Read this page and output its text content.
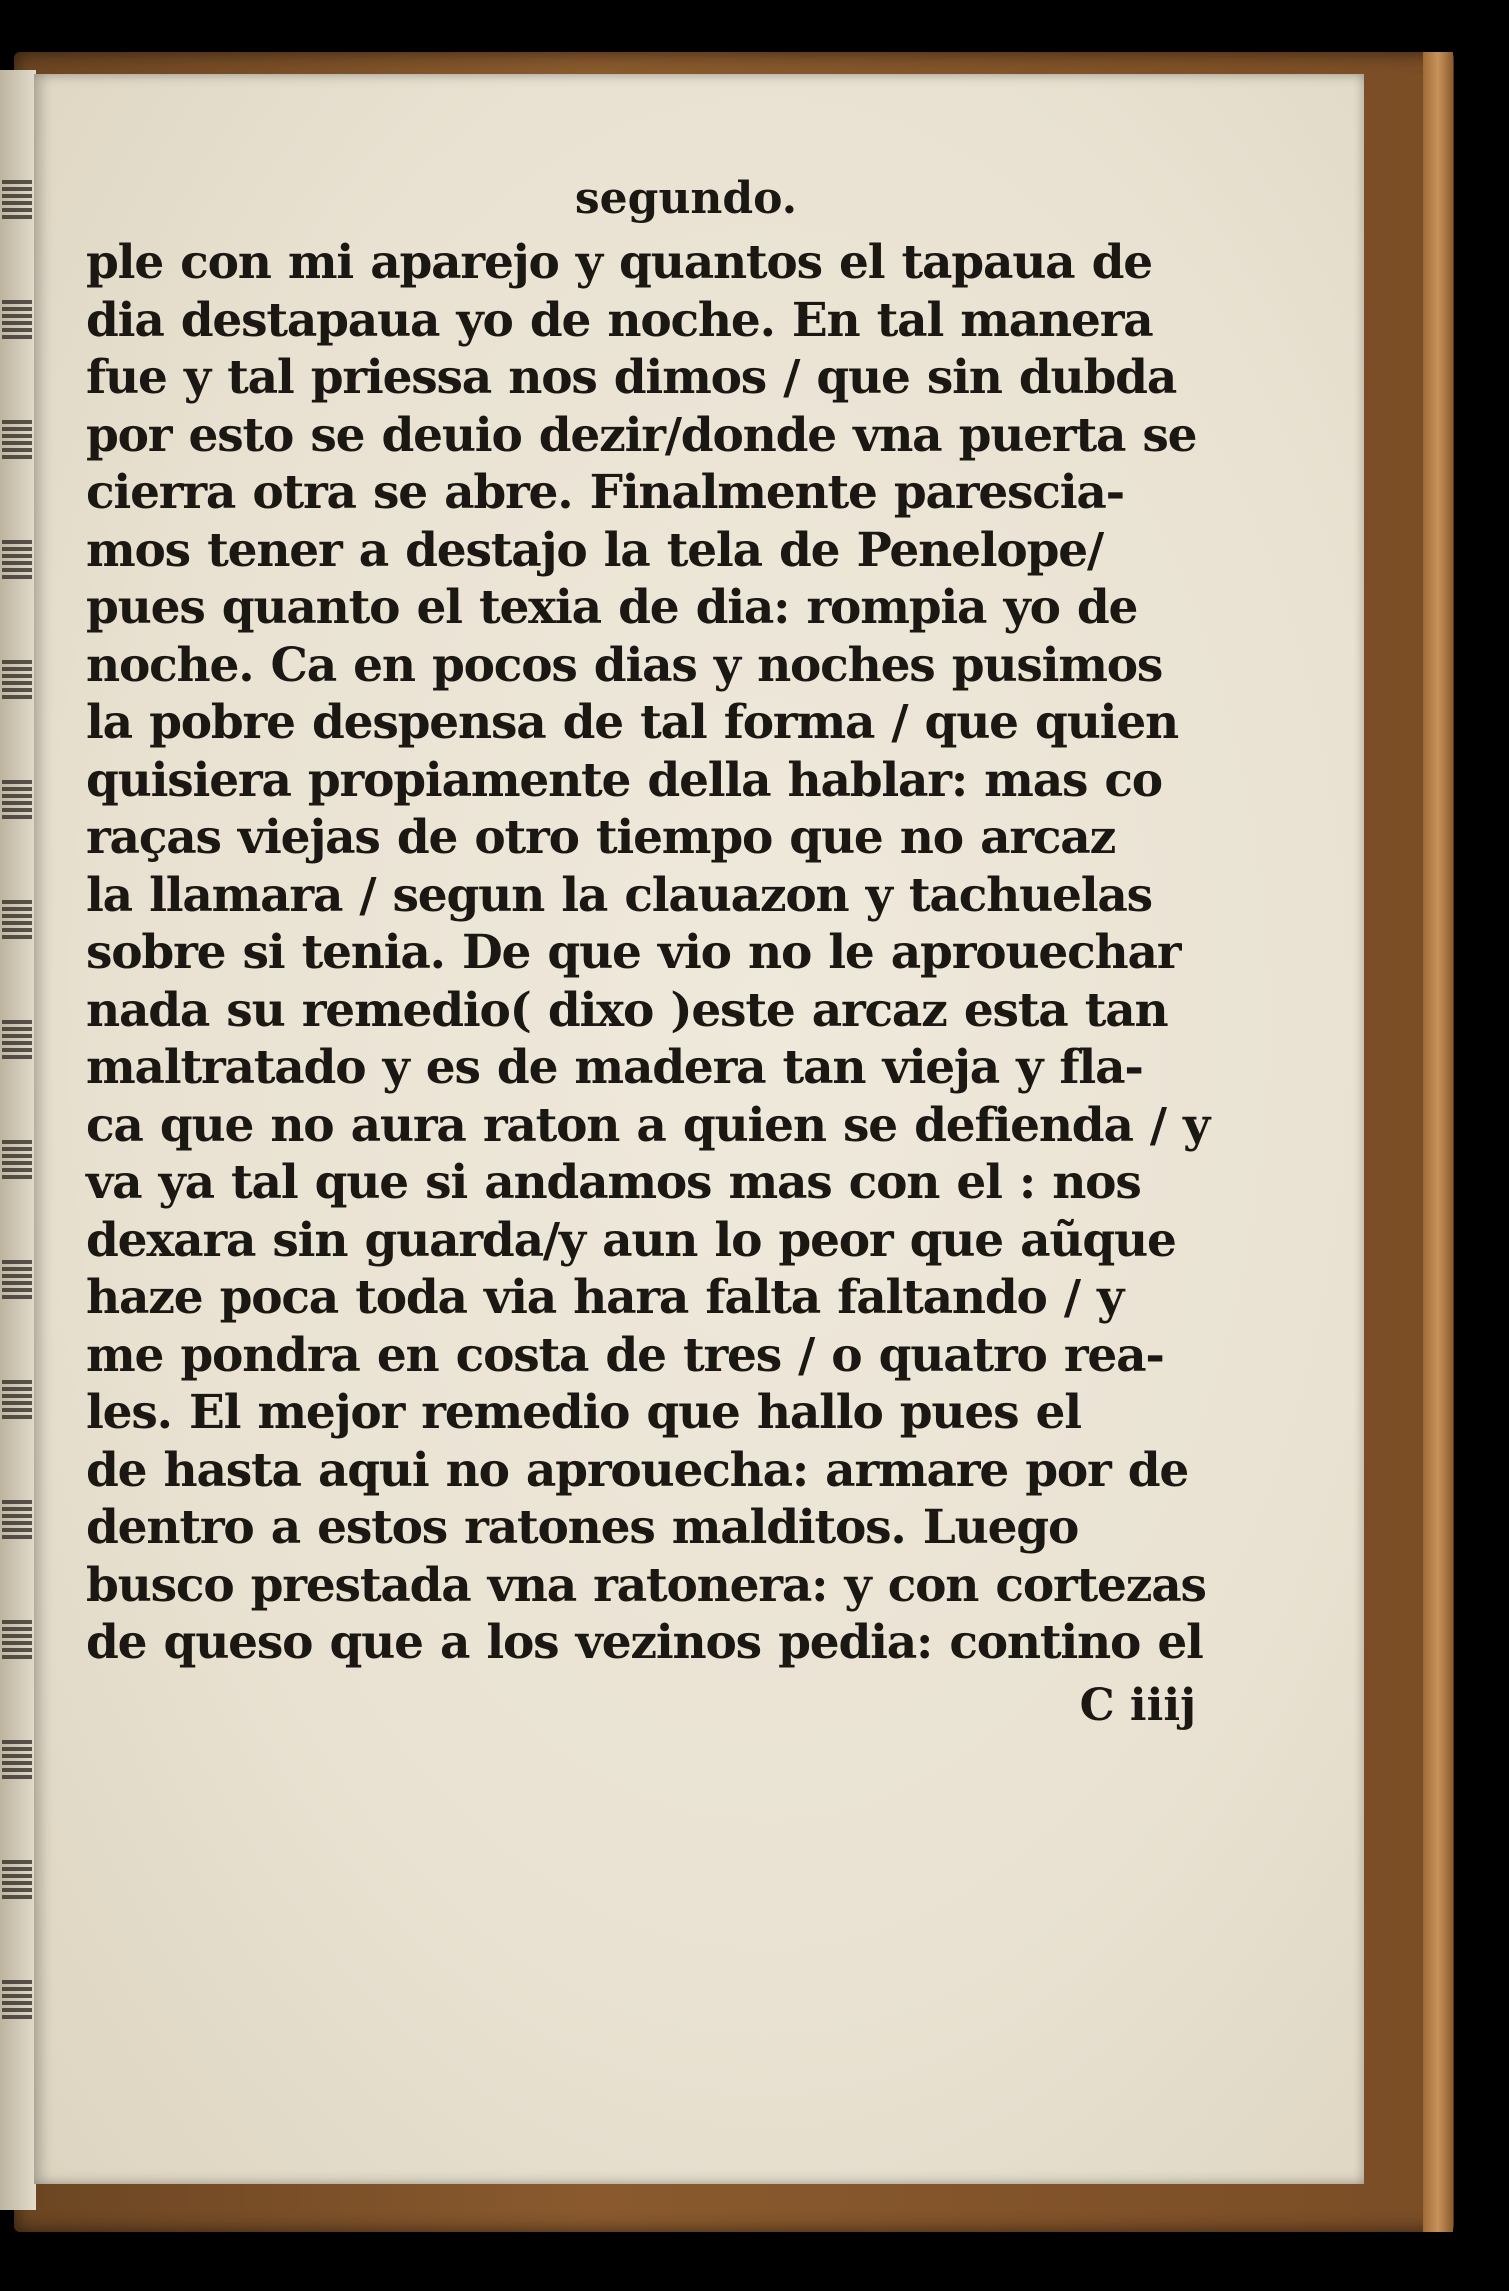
segundo.
ple con mi aparejo y quantos el tapaua de
dia destapaua yo de noche. En tal manera
fue y tal priessa nos dimos / que sin dubda
por esto se deuio dezir/donde vna puerta se
cierra otra se abre. Finalmente parescia-
mos tener a destajo la tela de Penelope/
pues quanto el texia de dia: rompia yo de
noche. Ca en pocos dias y noches pusimos
la pobre despensa de tal forma / que quien
quisiera propiamente della hablar: mas co
raças viejas de otro tiempo que no arcaz
la llamara / segun la clauazon y tachuelas
sobre si tenia. De que vio no le aprouechar
nada su remedio( dixo )este arcaz esta tan
maltratado y es de madera tan vieja y fla-
ca que no aura raton a quien se defienda / y
va ya tal que si andamos mas con el : nos
dexara sin guarda/y aun lo peor que aũque
haze poca toda via hara falta faltando / y
me pondra en costa de tres / o quatro rea-
les. El mejor remedio que hallo pues el
de hasta aqui no aprouecha: armare por de
dentro a estos ratones malditos. Luego
busco prestada vna ratonera: y con cortezas
de queso que a los vezinos pedia: contino el
C iiij
